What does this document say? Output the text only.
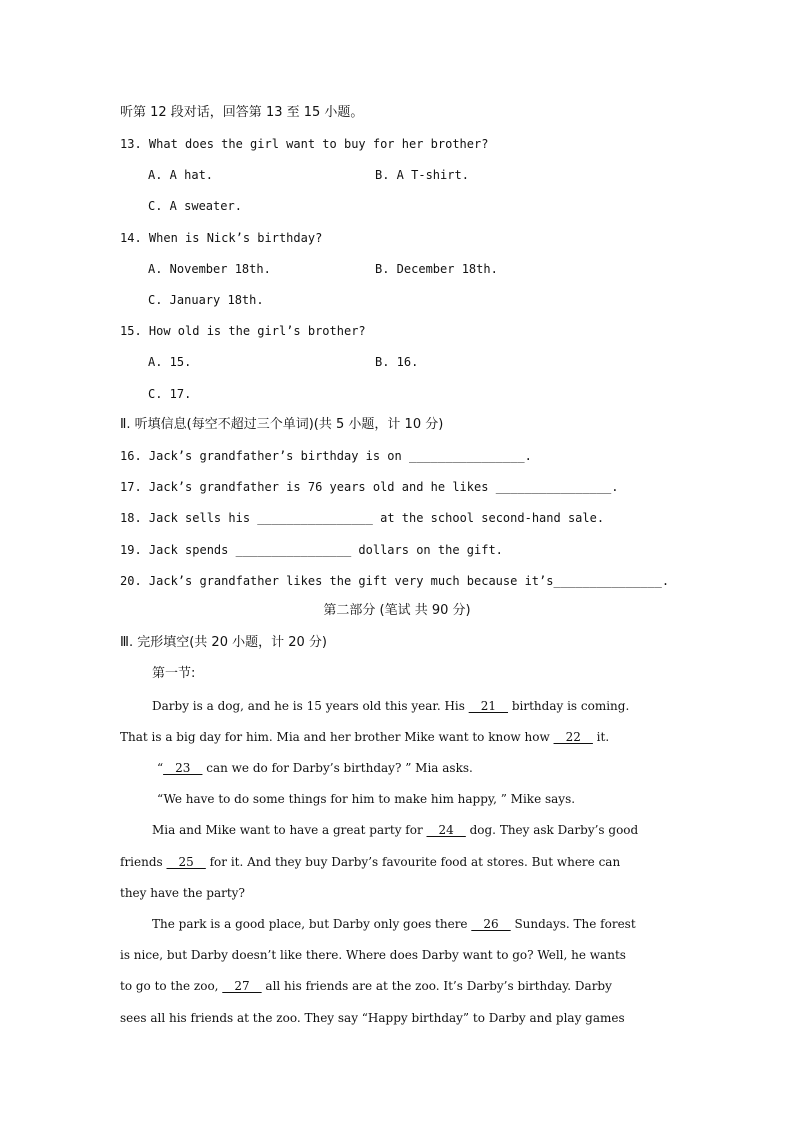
听第 12 段对话，回答第 13 至 15 小题。
13. What does the girl want to buy for her brother?
A. A hat.	B. A T-shirt.
C. A sweater.
14. When is Nick’s birthday?
A. November 18th.	B. December 18th.
C. January 18th.
15. How old is the girl’s brother?
A. 15.	B. 16.
C. 17.
Ⅱ. 听填信息(每空不超过三个单词)(共 5 小题，计 10 分)
16. Jack’s grandfather’s birthday is on ________________.
17. Jack’s grandfather is 76 years old and he likes ________________.
18. Jack sells his ________________ at the school second-hand sale.
19. Jack spends ________________ dollars on the gift.
20. Jack’s grandfather likes the gift very much because it’s_______________.
第二部分 (笔试 共 90 分)
Ⅲ. 完形填空(共 20 小题，计 20 分)
第一节:
Darby is a dog, and he is 15 years old this year. His __21__ birthday is coming.
That is a big day for him. Mia and her brother Mike want to know how __22__ it.
“__23__ can we do for Darby’s birthday? ” Mia asks.
“We have to do some things for him to make him happy, ” Mike says.
Mia and Mike want to have a great party for __24__ dog. They ask Darby’s good
friends __25__ for it. And they buy Darby’s favourite food at stores. But where can
they have the party?
The park is a good place, but Darby only goes there __26__ Sundays. The forest
is nice, but Darby doesn’t like there. Where does Darby want to go? Well, he wants
to go to the zoo, __27__ all his friends are at the zoo. It’s Darby’s birthday. Darby
sees all his friends at the zoo. They say “Happy birthday” to Darby and play games
